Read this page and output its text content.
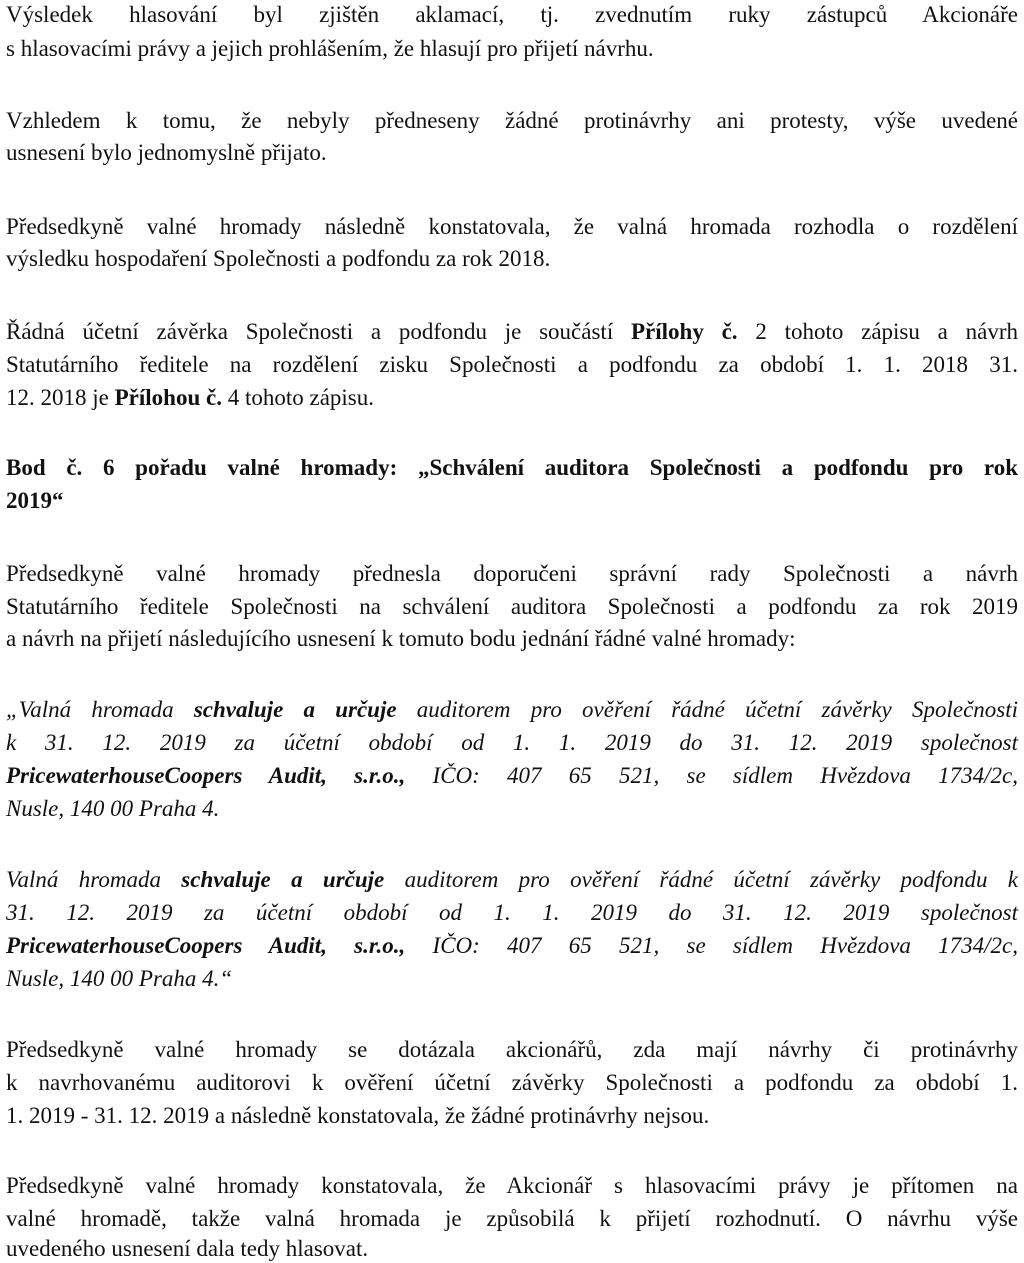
Výsledek hlasování byl zjištěn aklamací, tj. zvednutím ruky zástupců Akcionáře
s hlasovacími právy a jejich prohlášením, že hlasují pro přijetí návrhu.
Vzhledem k tomu, že nebyly předneseny žádné protinávrhy ani protesty, výše uvedené
usnesení bylo jednomyslně přijato.
Předsedkyně valné hromady následně konstatovala, že valná hromada rozhodla o rozdělení
výsledku hospodaření Společnosti a podfondu za rok 2018.
Řádná účetní závěrka Společnosti a podfondu je součástí Přílohy č. 2 tohoto zápisu a návrh
Statutárního ředitele na rozdělení zisku Společnosti a podfondu za období 1. 1. 2018 31.
12. 2018 je Přílohou č. 4 tohoto zápisu.
Bod č. 6 pořadu valné hromady: „Schválení auditora Společnosti a podfondu pro rok
2019“
Předsedkyně valné hromady přednesla doporučeni správní rady Společnosti a návrh
Statutárního ředitele Společnosti na schválení auditora Společnosti a podfondu za rok 2019
a návrh na přijetí následujícího usnesení k tomuto bodu jednání řádné valné hromady:
„Valná hromada schvaluje a určuje auditorem pro ověření řádné účetní závěrky Společnosti
k 31. 12. 2019 za účetní období od 1. 1. 2019 do 31. 12. 2019 společnost
PricewaterhouseCoopers Audit, s.r.o., IČO: 407 65 521, se sídlem Hvězdova 1734/2c,
Nusle, 140 00 Praha 4.
Valná hromada schvaluje a určuje auditorem pro ověření řádné účetní závěrky podfondu k
31. 12. 2019 za účetní období od 1. 1. 2019 do 31. 12. 2019 společnost
PricewaterhouseCoopers Audit, s.r.o., IČO: 407 65 521, se sídlem Hvězdova 1734/2c,
Nusle, 140 00 Praha 4.“
Předsedkyně valné hromady se dotázala akcionářů, zda mají návrhy či protinávrhy
k navrhovanému auditorovi k ověření účetní závěrky Společnosti a podfondu za období 1.
1. 2019 - 31. 12. 2019 a následně konstatovala, že žádné protinávrhy nejsou.
Předsedkyně valné hromady konstatovala, že Akcionář s hlasovacími právy je přítomen na
valné hromadě, takže valná hromada je způsobilá k přijetí rozhodnutí. O návrhu výše
uvedeného usnesení dala tedy hlasovat.
